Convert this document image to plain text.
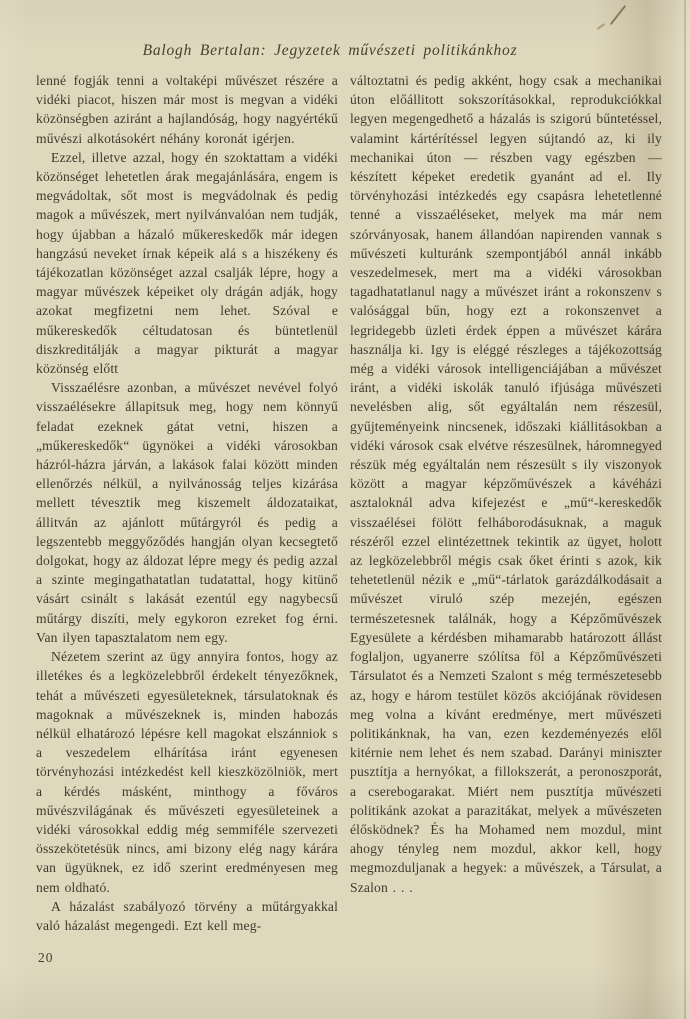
Balogh Bertalan: Jegyzetek művészeti politikánkhoz

lenné fogják tenni a voltaképi művészet részére a vidéki piacot, hiszen már most is megvan a vidéki közönségben aziránt a hajlandóság, hogy nagyértékű művészi alkotásokért néhány koronát igérjen.

Ezzel, illetve azzal, hogy én szoktattam a vidéki közönséget lehetetlen árak megajánlására, engem is megvádoltak, sőt most is megvádolnak és pedig magok a művészek, mert nyilvánvalóan nem tudják, hogy újabban a házaló műkereskedők már idegen hangzású neveket írnak képeik alá s a hiszékeny és tájékozatlan közönséget azzal csalják lépre, hogy a magyar művészek képeiket oly drágán adják, hogy azokat megfizetni nem lehet. Szóval e műkereskedők céltudatosan és büntetlenül diszkreditálják a magyar pikturát a magyar közönség előtt

Visszaélésre azonban, a művészet nevével folyó visszaélésekre állapitsuk meg, hogy nem könnyű feladat ezeknek gátat vetni, hiszen a „műkereskedők“ ügynökei a vidéki városokban házról-házra járván, a lakások falai között minden ellenőrzés nélkül, a nyilvánosság teljes kizárása mellett tévesztik meg kiszemelt áldozataikat, állitván az ajánlott műtárgyról és pedig a legszentebb meggyőződés hangján olyan kecsegtető dolgokat, hogy az áldozat lépre megy és pedig azzal a szinte megingathatatlan tudatattal, hogy kitünő vásárt csinált s lakását ezentúl egy nagybecsű műtárgy diszíti, mely egykoron ezreket fog érni. Van ilyen tapasztalatom nem egy.

Nézetem szerint az ügy annyira fontos, hogy az illetékes és a legközelebbről érdekelt tényezőknek, tehát a művészeti egyesületeknek, társulatoknak és magoknak a művészeknek is, minden habozás nélkül elhatározó lépésre kell magokat elszánniok s a veszedelem elhárítása iránt egyenesen törvényhozási intézkedést kell kieszközölniök, mert a kérdés másként, minthogy a főváros művészvilágának és művészeti egyesületeinek a vidéki városokkal eddig még semmiféle szervezeti összekötetésük nincs, ami bizony elég nagy kárára van ügyüknek, ez idő szerint eredményesen meg nem oldható.

A házalást szabályozó törvény a műtárgyakkal való házalást megengedi. Ezt kell meg-

változtatni és pedig akként, hogy csak a mechanikai úton előállitott sokszorításokkal, reprodukciókkal legyen megengedhető a házalás is szigorú bűntetéssel, valamint kártérítéssel legyen sújtandó az, ki ily mechanikai úton — részben vagy egészben — készített képeket eredetik gyanánt ad el. Ily törvényhozási intézkedés egy csapásra lehetetlenné tenné a visszaéléseket, melyek ma már nem szórványosak, hanem állandóan napirenden vannak s művészeti kulturánk szempontjából annál inkább veszedelmesek, mert ma a vidéki városokban tagadhatatlanul nagy a művészet iránt a rokonszenv s valósággal bűn, hogy ezt a rokonszenvet a legridegebb üzleti érdek éppen a művészet kárára használja ki. Igy is eléggé részleges a tájékozottság még a vidéki városok intelligenciájában a művészet iránt, a vidéki iskolák tanuló ifjúsága művészeti nevelésben alig, sőt egyáltalán nem részesül, gyűjteményeink nincsenek, időszaki kiállitásokban a vidéki városok csak elvétve részesülnek, háromnegyed részük még egyáltalán nem részesült s ily viszonyok között a magyar képzőművészek a kávéházi asztaloknál adva kifejezést e „mű“-kereskedők visszaélései fölött felháborodásuknak, a maguk részéről ezzel elintézettnek tekintik az ügyet, holott az legközelebbről mégis csak őket érinti s azok, kik tehetetlenül nézik e „mű“-tárlatok garázdálkodásait a művészet viruló szép mezején, egészen természetesnek találnák, hogy a Képzőművészek Egyesülete a kérdésben mihamarabb határozott állást foglaljon, ugyanerre szólítsa föl a Képzőművészeti Társulatot és a Nemzeti Szalont s még természetesebb az, hogy e három testület közös akciójának rövidesen meg volna a kívánt eredménye, mert művészeti politikánknak, ha van, ezen kezdeményezés elől kitérnie nem lehet és nem szabad. Darányi miniszter pusztítja a hernyókat, a fillokszerát, a peronoszporát, a cserebogarakat. Miért nem pusztítja művészeti politikánk azokat a parazitákat, melyek a művészeten élősködnek? És ha Mohamed nem mozdul, mint ahogy tényleg nem mozdul, akkor kell, hogy megmozduljanak a hegyek: a művészek, a Társulat, a Szalon . . .

20
